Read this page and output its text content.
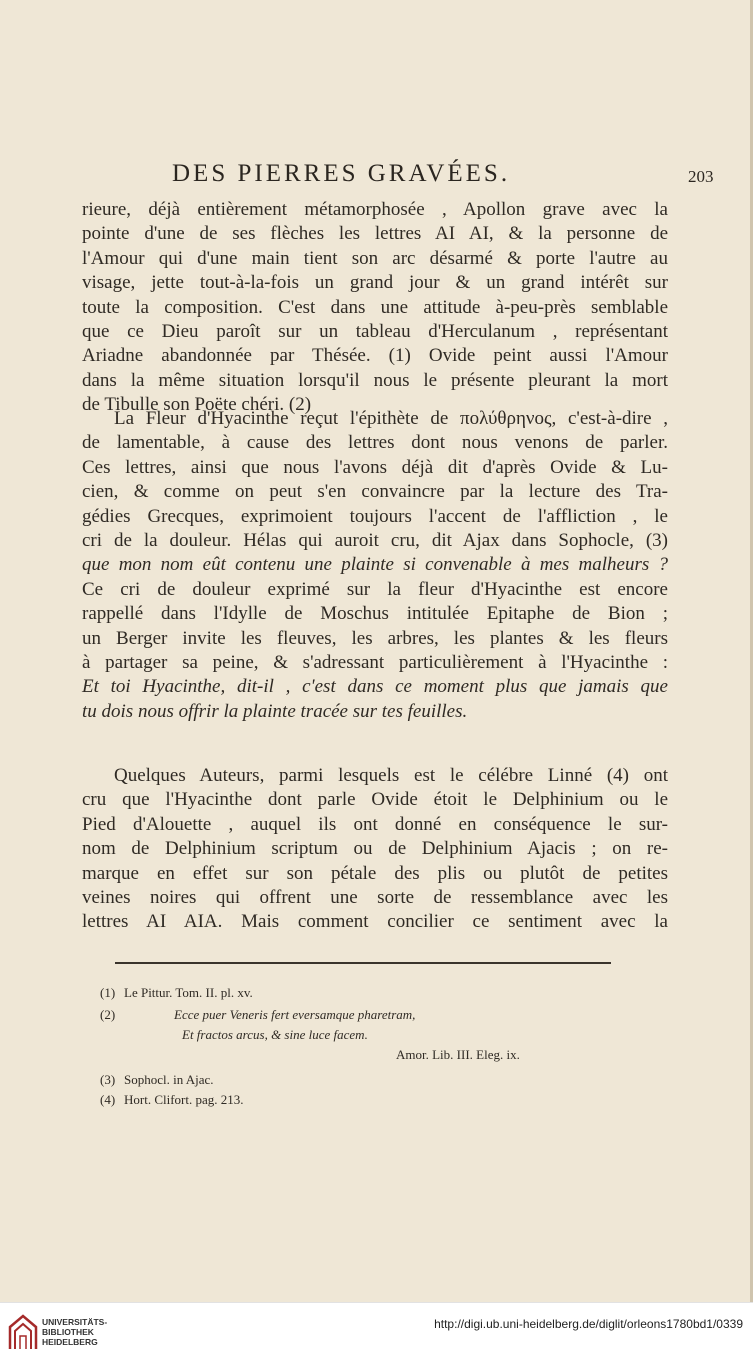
DES PIERRES GRAVÉES.	203
rieure, déjà entièrement métamorphosée , Apollon grave avec la
pointe d'une de ses flèches les lettres AI AI, & la personne de
l'Amour qui d'une main tient son arc désarmé & porte l'autre au
visage, jette tout-à-la-fois un grand jour & un grand intérêt sur
toute la composition. C'est dans une attitude à-peu-près semblable
que ce Dieu paroît sur un tableau d'Herculanum , représentant
Ariadne abandonnée par Thésée. (1) Ovide peint aussi l'Amour
dans la même situation lorsqu'il nous le présente pleurant la mort
de Tibulle son Poëte chéri. (2)
La Fleur d'Hyacinthe reçut l'épithète de πολύθρηνος, c'est-à-dire ,
de lamentable, à cause des lettres dont nous venons de parler.
Ces lettres, ainsi que nous l'avons déjà dit d'après Ovide & Lu-
cien, & comme on peut s'en convaincre par la lecture des Tra-
gédies Grecques, exprimoient toujours l'accent de l'affliction , le
cri de la douleur. Hélas qui auroit cru, dit Ajax dans Sophocle, (3)
que mon nom eût contenu une plainte si convenable à mes malheurs ?
Ce cri de douleur exprimé sur la fleur d'Hyacinthe est encore
rappellé dans l'Idylle de Moschus intitulée Epitaphe de Bion ;
un Berger invite les fleuves, les arbres, les plantes & les fleurs
à partager sa peine, & s'adressant particulièrement à l'Hyacinthe :
Et toi Hyacinthe, dit-il , c'est dans ce moment plus que jamais que
tu dois nous offrir la plainte tracée sur tes feuilles.
Quelques Auteurs, parmi lesquels est le célébre Linné (4) ont
cru que l'Hyacinthe dont parle Ovide étoit le Delphinium ou le
Pied d'Alouette , auquel ils ont donné en conséquence le sur-
nom de Delphinium scriptum ou de Delphinium Ajacis ; on re-
marque en effet sur son pétale des plis ou plutôt de petites
veines noires qui offrent une sorte de ressemblance avec les
lettres AI AIA. Mais comment concilier ce sentiment avec la
(1) Le Pittur. Tom. II. pl. xv.
(2)	Ecce puer Veneris fert eversamque pharetram,
Et fractos arcus, & sine luce facem.
Amor. Lib. III. Eleg. ix.
(3) Sophocl. in Ajac.
(4) Hort. Clifort. pag. 213.
UNIVERSITÄTS-
BIBLIOTHEK
HEIDELBERG
http://digi.ub.uni-heidelberg.de/diglit/orleons1780bd1/0339
